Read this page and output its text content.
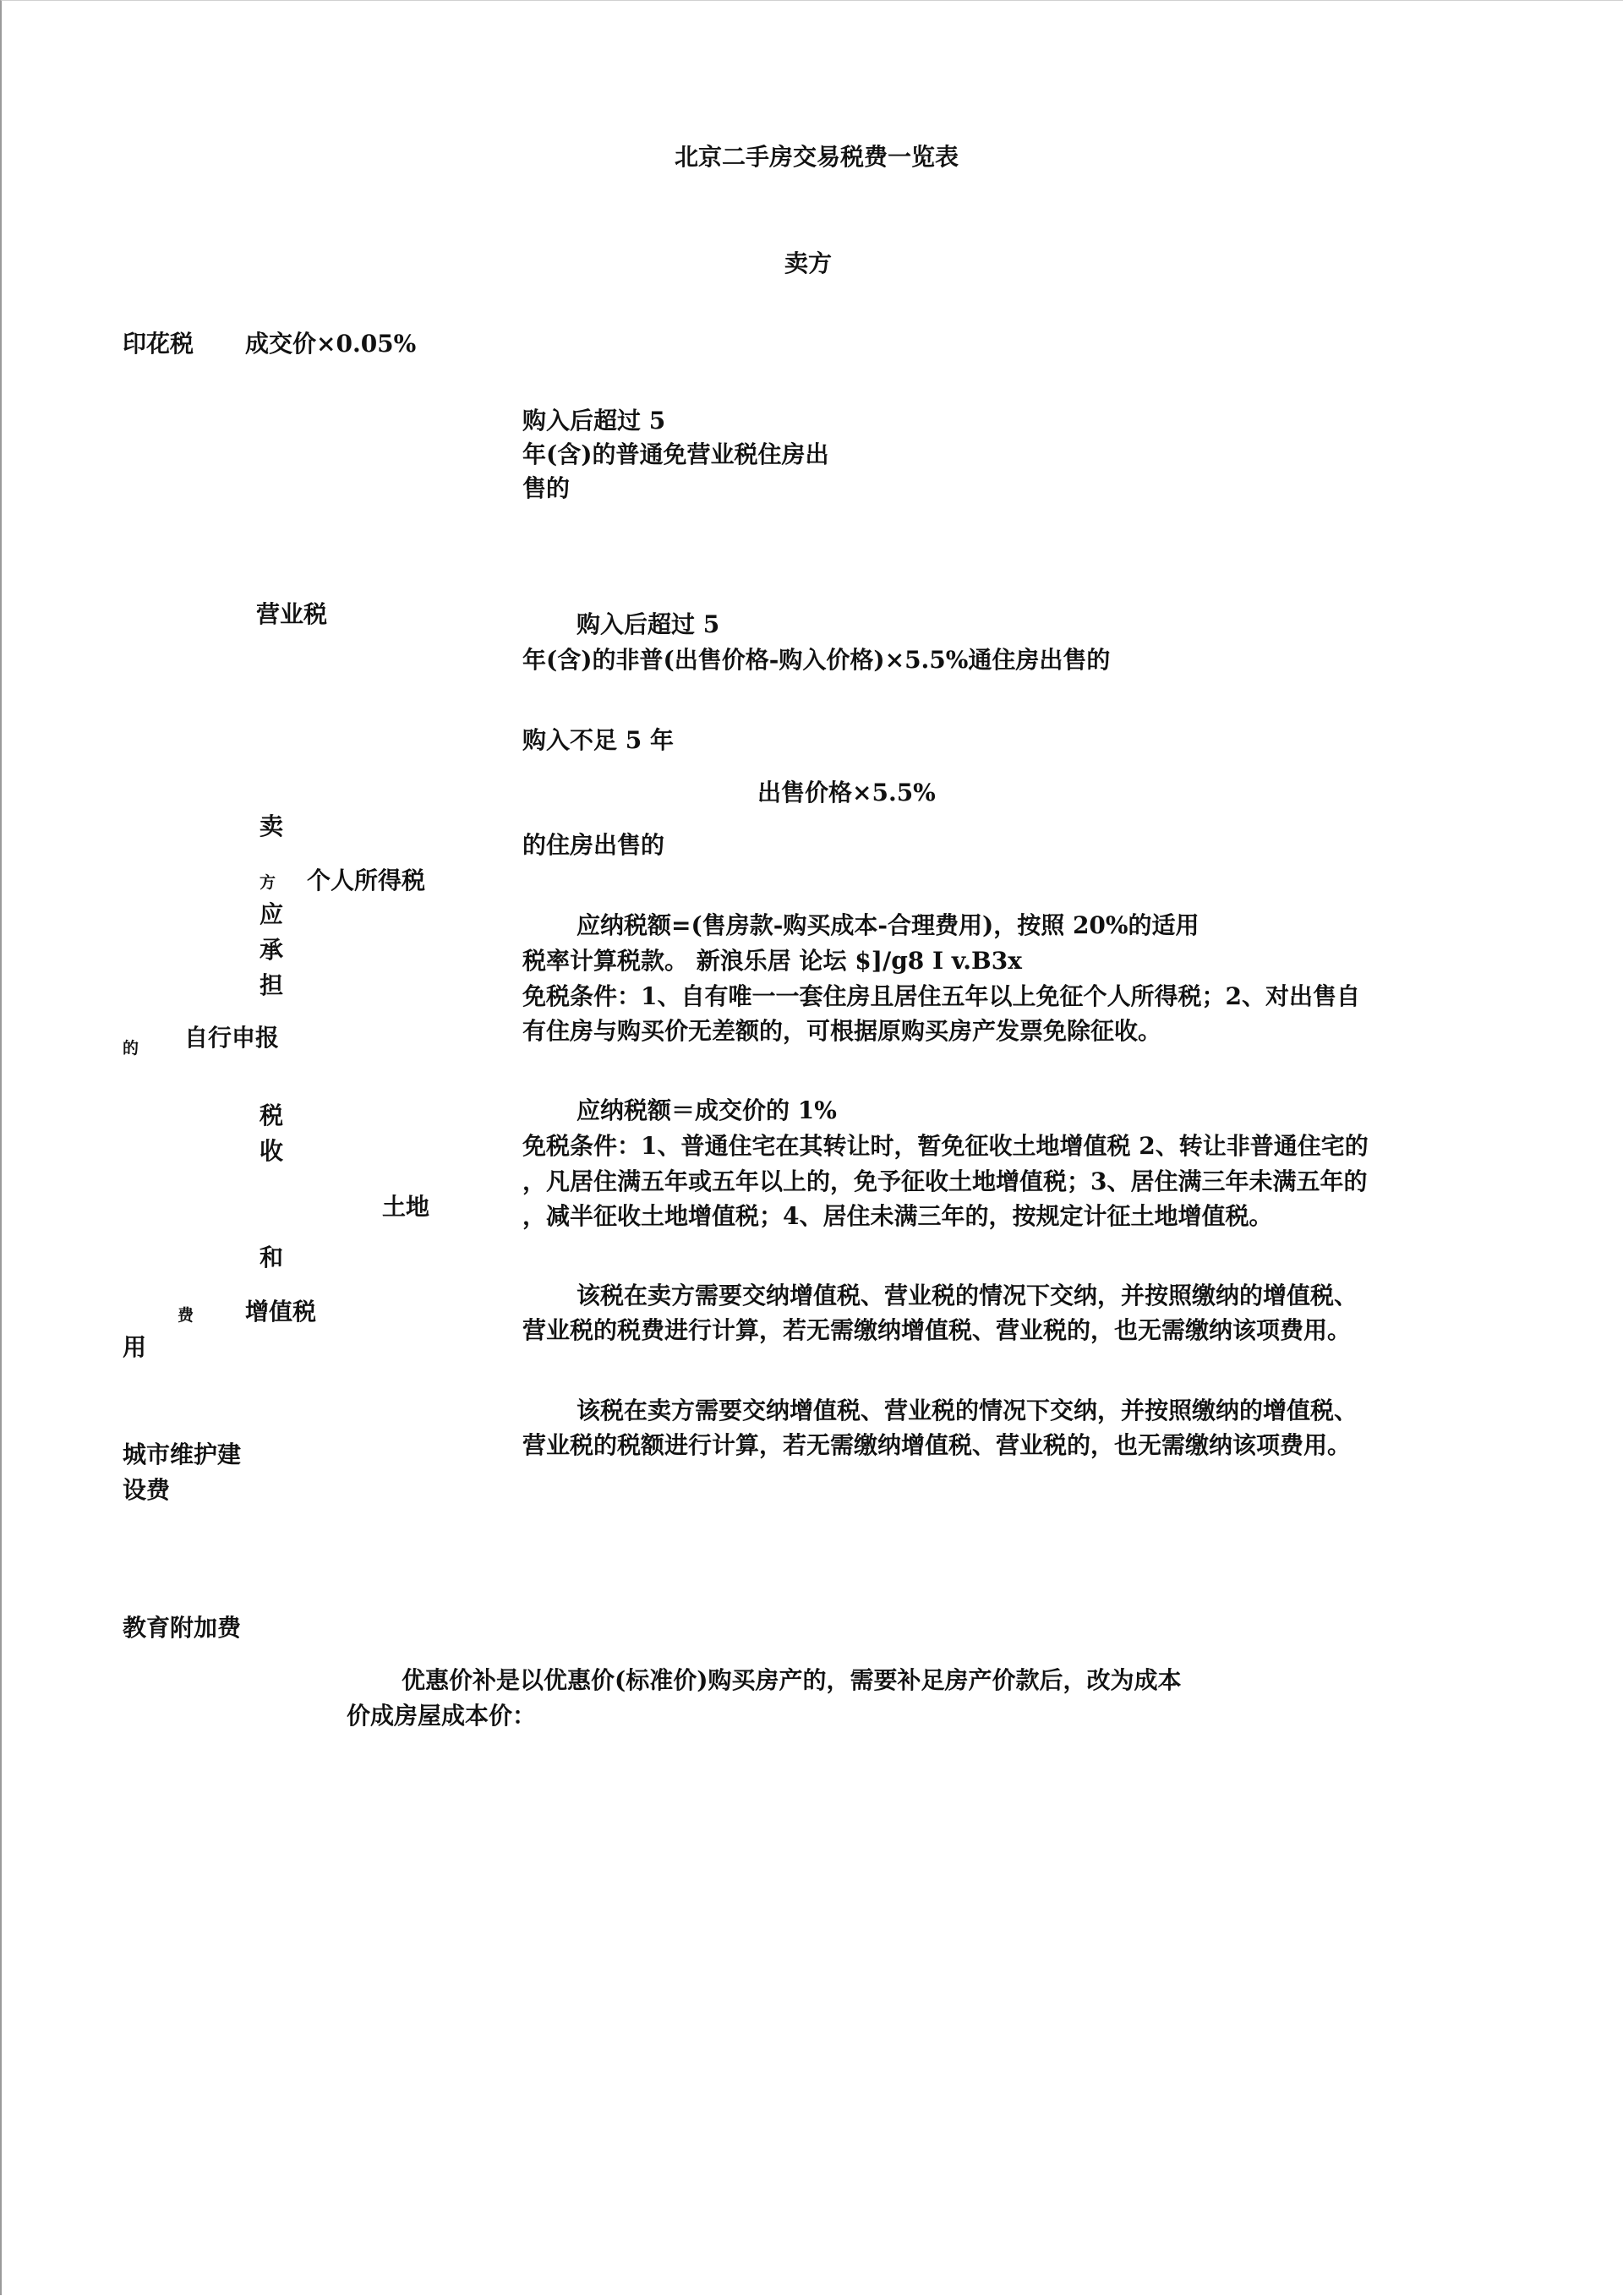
北京二手房交易税费一览表
卖方
印花税 成交价×0.05%
购入后超过 5
年(含)的普通免营业税住房出
售的
营业税	购入后超过 5
年(含)的非普(出售价格-购入价格)×5.5%通住房出售的
购入不足 5 年
出售价格×5.5%
的住房出售的
卖
方 个人所得税
应
承
担
的 自行申报
应纳税额=(售房款-购买成本-合理费用)，按照 20%的适用
税率计算税款。 新浪乐居 论坛 $]/g8 I v.B3x
免税条件：1、自有唯一一套住房且居住五年以上免征个人所得税；2、对出售自
有住房与购买价无差额的，可根据原购买房产发票免除征收。
应纳税额＝成交价的 1%
税
免税条件：1、普通住宅在其转让时，暂免征收土地增值税 2、转让非普通住宅的
收
，凡居住满五年或五年以上的，免予征收土地增值税；3、居住满三年未满五年的
土地	，减半征收土地增值税；4、居住未满三年的，按规定计征土地增值税。
和
该税在卖方需要交纳增值税、营业税的情况下交纳，并按照缴纳的增值税、
费 增值税
营业税的税费进行计算，若无需缴纳增值税、营业税的，也无需缴纳该项费用。
用
该税在卖方需要交纳增值税、营业税的情况下交纳，并按照缴纳的增值税、
营业税的税额进行计算，若无需缴纳增值税、营业税的，也无需缴纳该项费用。
城市维护建
设费
教育附加费
优惠价补是以优惠价(标准价)购买房产的，需要补足房产价款后，改为成本
价成房屋成本价：
